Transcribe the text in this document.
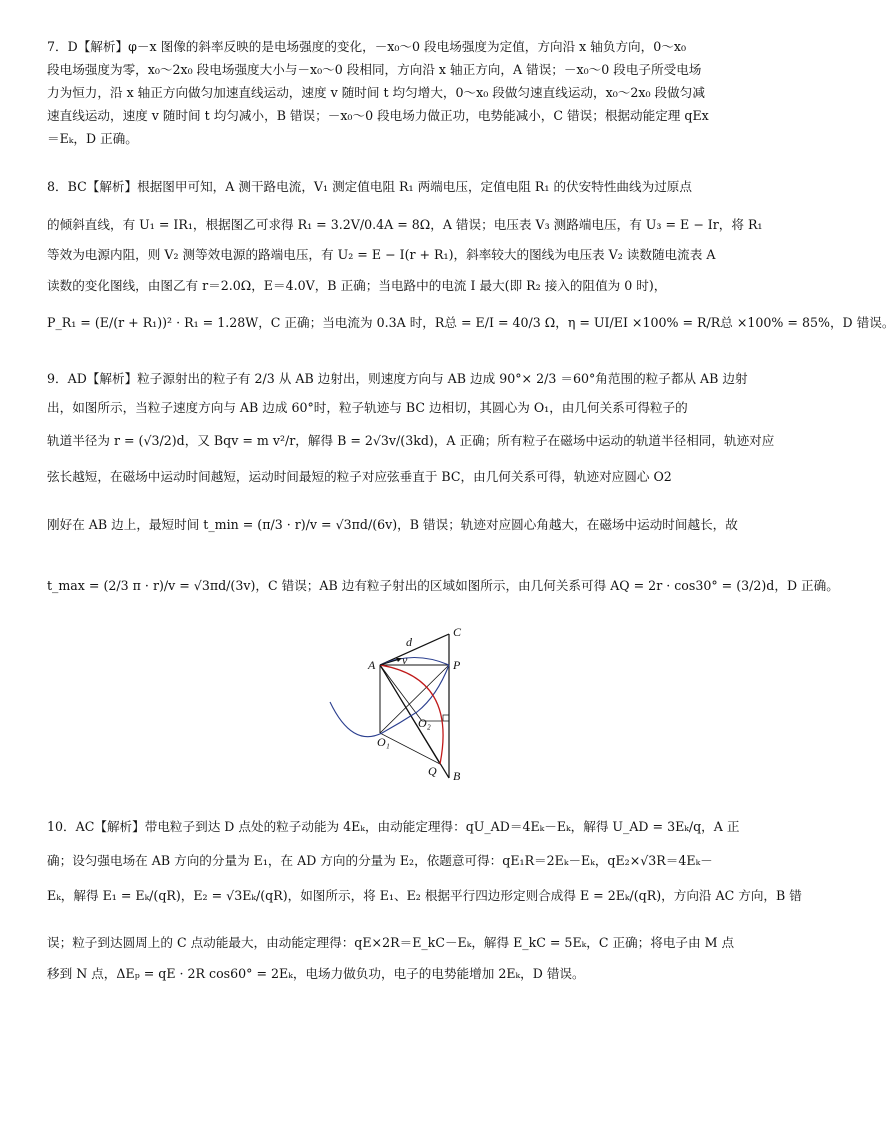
7．D【解析】φ－x 图像的斜率反映的是电场强度的变化，－x₀～0 段电场强度为定值，方向沿 x 轴负方向，0～x₀
段电场强度为零，x₀～2x₀ 段电场强度大小与－x₀～0 段相同，方向沿 x 轴正方向，A 错误；－x₀～0 段电子所受电场
力为恒力，沿 x 轴正方向做匀加速直线运动，速度 v 随时间 t 均匀增大，0～x₀ 段做匀速直线运动，x₀～2x₀ 段做匀减
速直线运动，速度 v 随时间 t 均匀减小，B 错误；－x₀～0 段电场力做正功，电势能减小，C 错误；根据动能定理 qEx
＝Eₖ，D 正确。
8．BC【解析】根据图甲可知，A 测干路电流，V₁ 测定值电阻 R₁ 两端电压，定值电阻 R₁ 的伏安特性曲线为过原点
的倾斜直线，有 U₁ = IR₁，根据图乙可求得 R₁ = 3.2V/0.4A = 8Ω，A 错误；电压表 V₃ 测路端电压，有 U₃ = E − Ir，将 R₁
等效为电源内阻，则 V₂ 测等效电源的路端电压，有 U₂ = E − I(r + R₁)，斜率较大的图线为电压表 V₂ 读数随电流表 A
读数的变化图线，由图乙有 r＝2.0Ω，E＝4.0V，B 正确；当电路中的电流 I 最大(即 R₂ 接入的阻值为 0 时)，
P_R₁ = (E/(r + R₁))² · R₁ = 1.28W，C 正确；当电流为 0.3A 时，R总 = E/I = 40/3 Ω，η = UI/EI ×100% = R/R总 ×100% = 85%，D 错误。
9．AD【解析】粒子源射出的粒子有 2/3 从 AB 边射出，则速度方向与 AB 边成 90°× 2/3 ＝60°角范围的粒子都从 AB 边射
出，如图所示，当粒子速度方向与 AB 边成 60°时，粒子轨迹与 BC 边相切，其圆心为 O₁，由几何关系可得粒子的
轨道半径为 r = (√3/2)d，又 Bqv = m v²/r，解得 B = 2√3v/(3kd)，A 正确；所有粒子在磁场中运动的轨道半径相同，轨迹对应
弦长越短，在磁场中运动时间越短，运动时间最短的粒子对应弦垂直于 BC，由几何关系可得，轨迹对应圆心 O2
刚好在 AB 边上，最短时间 t_min = (π/3 · r)/v = √3πd/(6v)，B 错误；轨迹对应圆心角越大，在磁场中运动时间越长，故
t_max = (2/3 π · r)/v = √3πd/(3v)，C 错误；AB 边有粒子射出的区域如图所示，由几何关系可得 AQ = 2r · cos30° = (3/2)d，D 正确。
d
C
A v	P
O₂
O₁
Q B
10．AC【解析】带电粒子到达 D 点处的粒子动能为 4Eₖ，由动能定理得：qU_AD＝4Eₖ－Eₖ，解得 U_AD = 3Eₖ/q，A 正
确；设匀强电场在 AB 方向的分量为 E₁，在 AD 方向的分量为 E₂，依题意可得：qE₁R＝2Eₖ－Eₖ，qE₂×√3R＝4Eₖ－
Eₖ，解得 E₁ = Eₖ/(qR)，E₂ = √3Eₖ/(qR)，如图所示，将 E₁、E₂ 根据平行四边形定则合成得 E = 2Eₖ/(qR)，方向沿 AC 方向，B 错
误；粒子到达圆周上的 C 点动能最大，由动能定理得：qE×2R＝E_kC－Eₖ，解得 E_kC = 5Eₖ，C 正确；将电子由 M 点
移到 N 点，ΔEₚ = qE · 2R cos60° = 2Eₖ，电场力做负功，电子的电势能增加 2Eₖ，D 错误。
